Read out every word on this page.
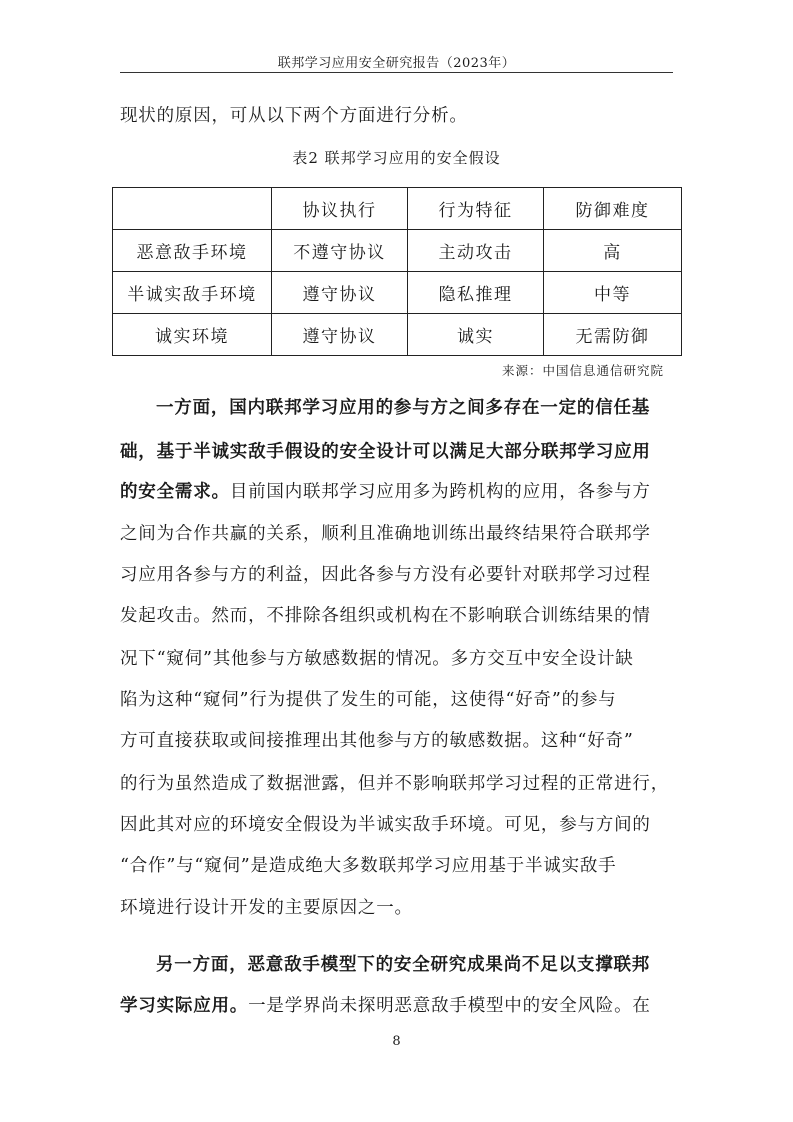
联邦学习应用安全研究报告（2023年）
现状的原因，可从以下两个方面进行分析。
表2 联邦学习应用的安全假设
	协议执行	行为特征	防御难度
恶意敌手环境	不遵守协议	主动攻击	高
半诚实敌手环境	遵守协议	隐私推理	中等
诚实环境	遵守协议	诚实	无需防御
来源：中国信息通信研究院
一方面，国内联邦学习应用的参与方之间多存在一定的信任基
础，基于半诚实敌手假设的安全设计可以满足大部分联邦学习应用
的安全需求。目前国内联邦学习应用多为跨机构的应用，各参与方
之间为合作共赢的关系，顺利且准确地训练出最终结果符合联邦学
习应用各参与方的利益，因此各参与方没有必要针对联邦学习过程
发起攻击。然而，不排除各组织或机构在不影响联合训练结果的情
况下“窥伺”其他参与方敏感数据的情况。多方交互中安全设计缺
陷为这种“窥伺”行为提供了发生的可能，这使得“好奇”的参与
方可直接获取或间接推理出其他参与方的敏感数据。这种“好奇”
的行为虽然造成了数据泄露，但并不影响联邦学习过程的正常进行，
因此其对应的环境安全假设为半诚实敌手环境。可见，参与方间的
“合作”与“窥伺”是造成绝大多数联邦学习应用基于半诚实敌手
环境进行设计开发的主要原因之一。
另一方面，恶意敌手模型下的安全研究成果尚不足以支撑联邦
学习实际应用。一是学界尚未探明恶意敌手模型中的安全风险。在
8
